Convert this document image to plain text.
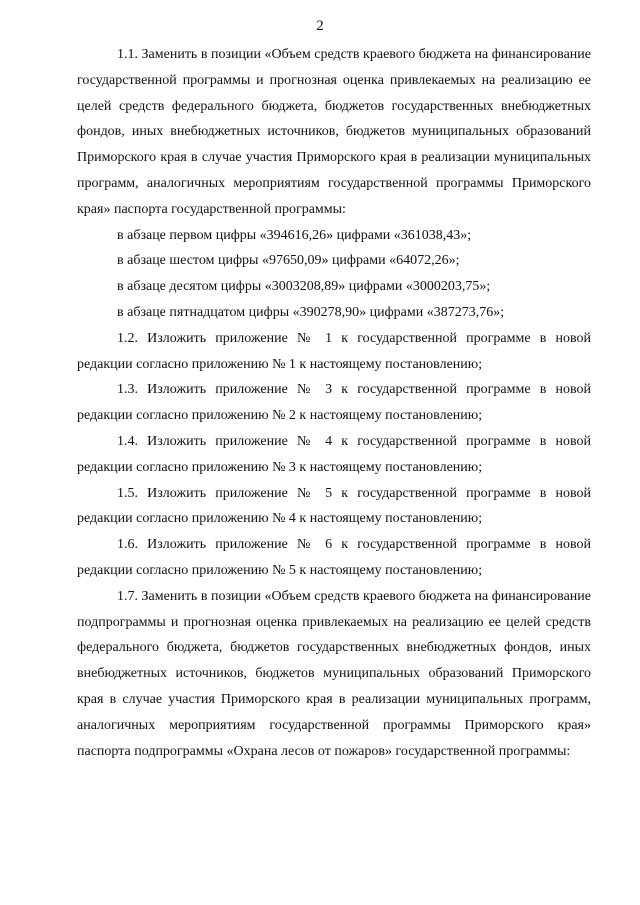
2

1.1. Заменить в позиции «Объем средств краевого бюджета на финансирование государственной программы и прогнозная оценка привлекаемых на реализацию ее целей средств федерального бюджета, бюджетов государственных внебюджетных фондов, иных внебюджетных источников, бюджетов муниципальных образований Приморского края в случае участия Приморского края в реализации муниципальных программ, аналогичных мероприятиям государственной программы Приморского края» паспорта государственной программы:

в абзаце первом цифры «394616,26» цифрами «361038,43»;

в абзаце шестом цифры «97650,09» цифрами «64072,26»;

в абзаце десятом цифры «3003208,89» цифрами «3000203,75»;

в абзаце пятнадцатом цифры «390278,90» цифрами «387273,76»;

1.2. Изложить приложение № 1 к государственной программе в новой редакции согласно приложению № 1 к настоящему постановлению;

1.3. Изложить приложение № 3 к государственной программе в новой редакции согласно приложению № 2 к настоящему постановлению;

1.4. Изложить приложение № 4 к государственной программе в новой редакции согласно приложению № 3 к настоящему постановлению;

1.5. Изложить приложение № 5 к государственной программе в новой редакции согласно приложению № 4 к настоящему постановлению;

1.6. Изложить приложение № 6 к государственной программе в новой редакции согласно приложению № 5 к настоящему постановлению;

1.7. Заменить в позиции «Объем средств краевого бюджета на финансирование подпрограммы и прогнозная оценка привлекаемых на реализацию ее целей средств федерального бюджета, бюджетов государственных внебюджетных фондов, иных внебюджетных источников, бюджетов муниципальных образований Приморского края в случае участия Приморского края в реализации муниципальных программ, аналогичных мероприятиям государственной программы Приморского края» паспорта подпрограммы «Охрана лесов от пожаров» государственной программы:
